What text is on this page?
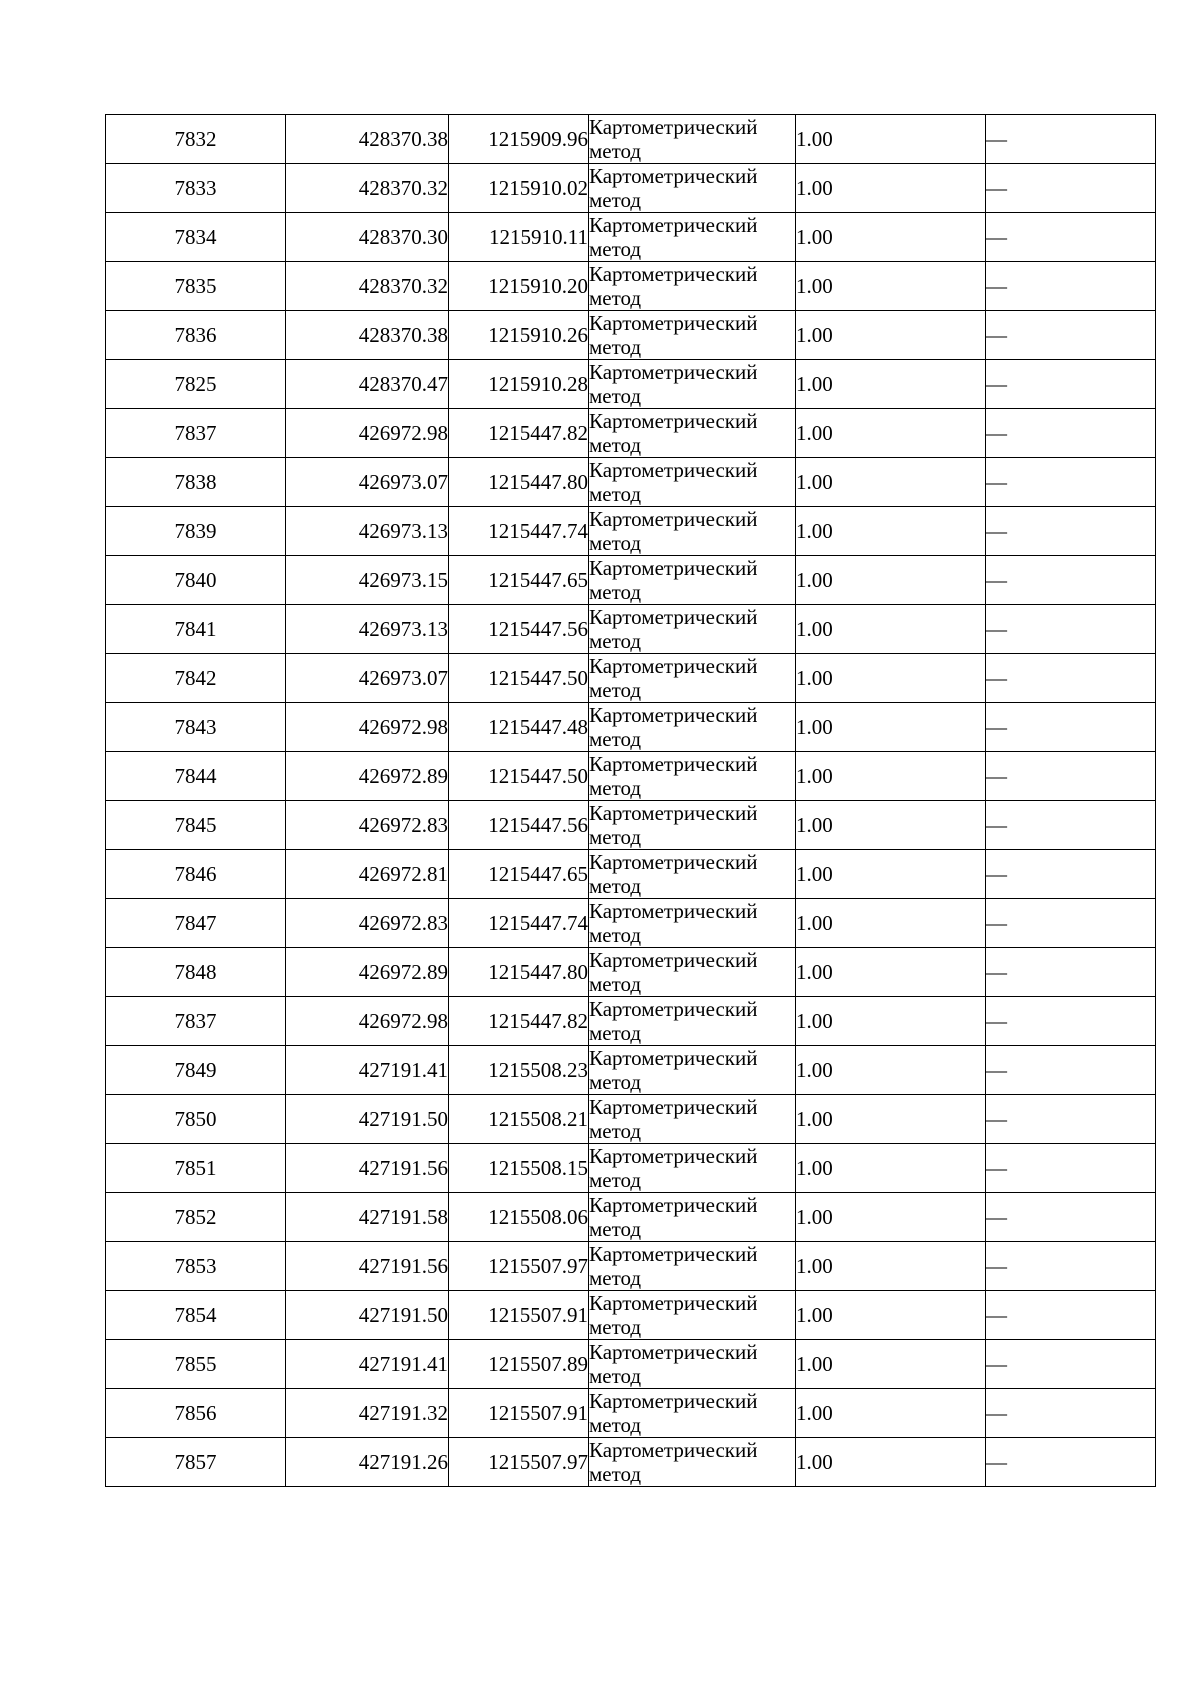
7832	428370.38	1215909.96	Картометрический метод	1.00	—
7833	428370.32	1215910.02	Картометрический метод	1.00	—
7834	428370.30	1215910.11	Картометрический метод	1.00	—
7835	428370.32	1215910.20	Картометрический метод	1.00	—
7836	428370.38	1215910.26	Картометрический метод	1.00	—
7825	428370.47	1215910.28	Картометрический метод	1.00	—
7837	426972.98	1215447.82	Картометрический метод	1.00	—
7838	426973.07	1215447.80	Картометрический метод	1.00	—
7839	426973.13	1215447.74	Картометрический метод	1.00	—
7840	426973.15	1215447.65	Картометрический метод	1.00	—
7841	426973.13	1215447.56	Картометрический метод	1.00	—
7842	426973.07	1215447.50	Картометрический метод	1.00	—
7843	426972.98	1215447.48	Картометрический метод	1.00	—
7844	426972.89	1215447.50	Картометрический метод	1.00	—
7845	426972.83	1215447.56	Картометрический метод	1.00	—
7846	426972.81	1215447.65	Картометрический метод	1.00	—
7847	426972.83	1215447.74	Картометрический метод	1.00	—
7848	426972.89	1215447.80	Картометрический метод	1.00	—
7837	426972.98	1215447.82	Картометрический метод	1.00	—
7849	427191.41	1215508.23	Картометрический метод	1.00	—
7850	427191.50	1215508.21	Картометрический метод	1.00	—
7851	427191.56	1215508.15	Картометрический метод	1.00	—
7852	427191.58	1215508.06	Картометрический метод	1.00	—
7853	427191.56	1215507.97	Картометрический метод	1.00	—
7854	427191.50	1215507.91	Картометрический метод	1.00	—
7855	427191.41	1215507.89	Картометрический метод	1.00	—
7856	427191.32	1215507.91	Картометрический метод	1.00	—
7857	427191.26	1215507.97	Картометрический метод	1.00	—
